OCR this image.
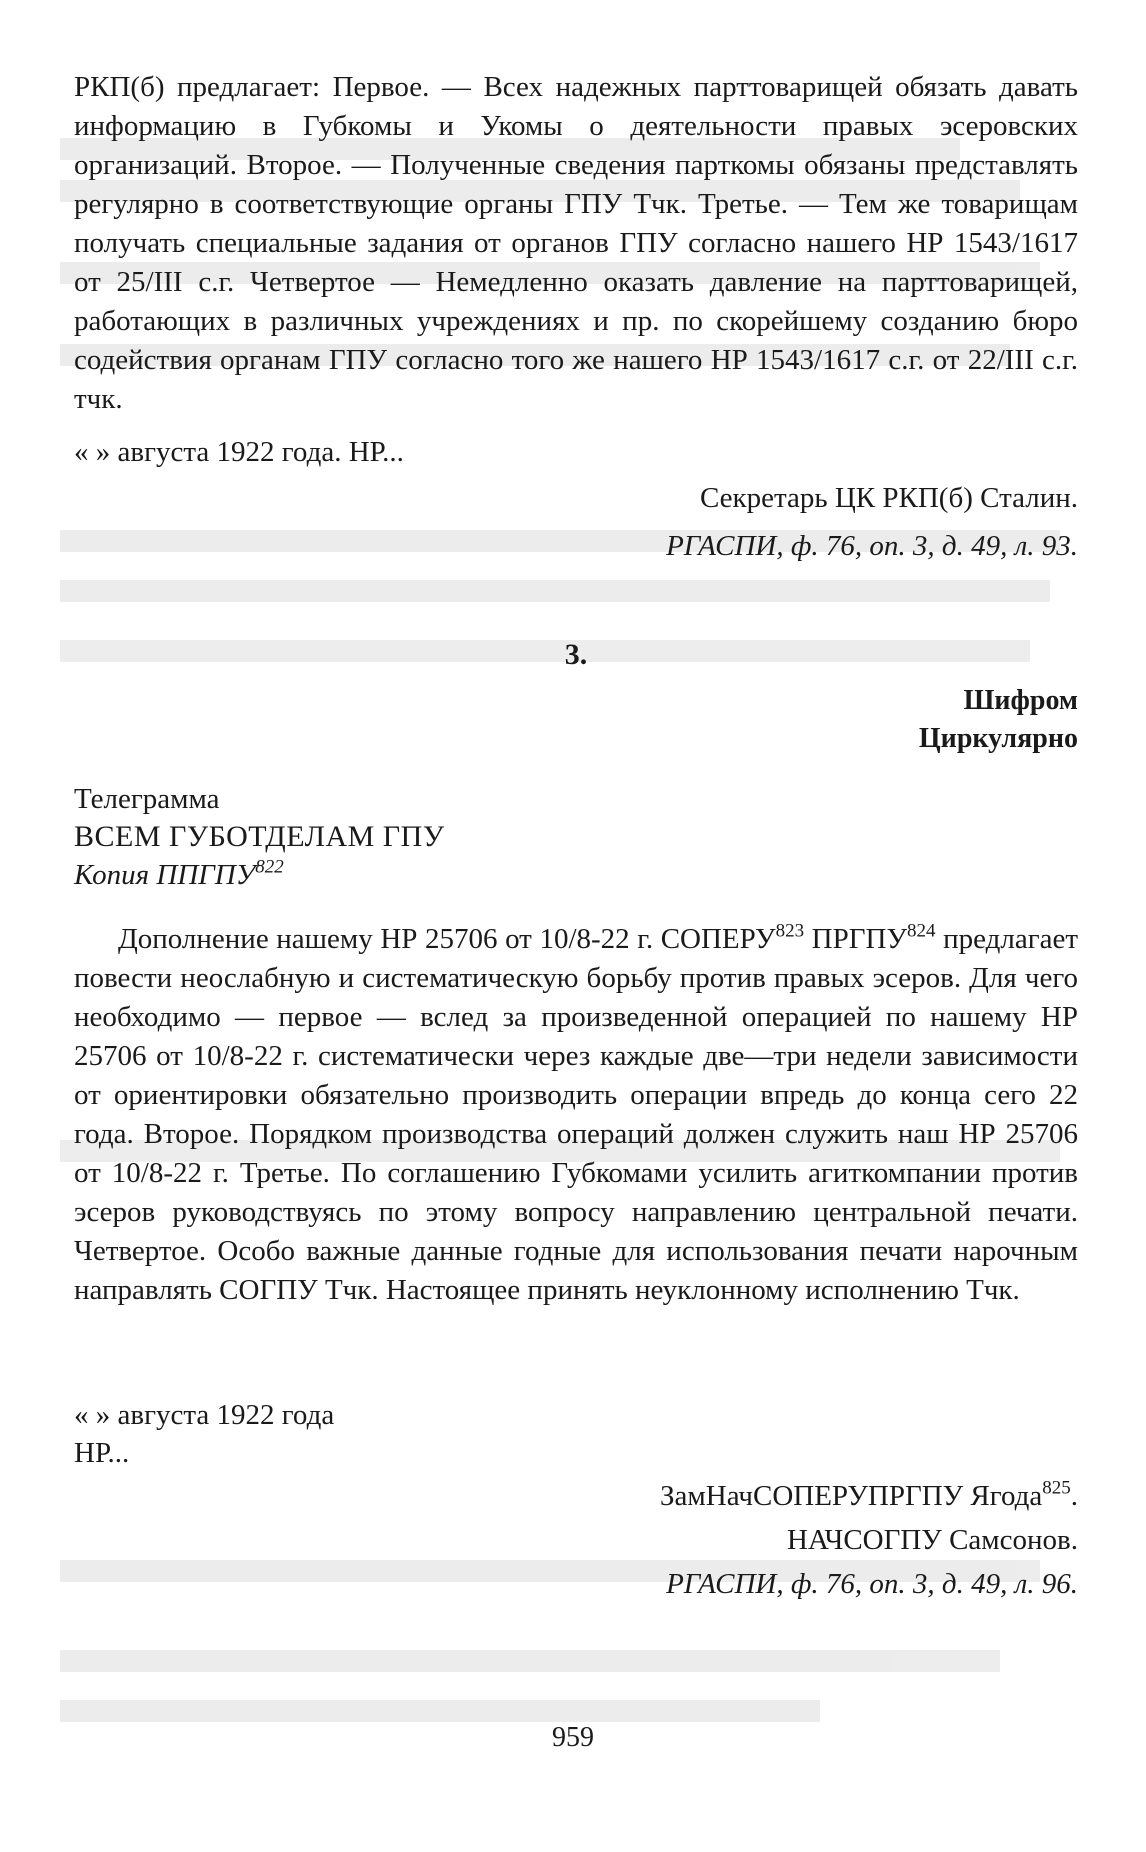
РКП(б) предлагает: Первое. — Всех надежных парттоварищей обязать давать информацию в Губкомы и Укомы о деятельности правых эсеровских организаций. Второе. — Полученные сведения парткомы обязаны представлять регулярно в соответствующие органы ГПУ Тчк. Третье. — Тем же товарищам получать специальные задания от органов ГПУ согласно нашего НР 1543/1617 от 25/III с.г. Четвертое — Немедленно оказать давление на парттоварищей, работающих в различных учреждениях и пр. по скорейшему созданию бюро содействия органам ГПУ согласно того же нашего НР 1543/1617 с.г. от 22/III с.г. тчк.

« » августа 1922 года. НР...

Секретарь ЦК РКП(б) Сталин.

РГАСПИ, ф. 76, оп. 3, д. 49, л. 93.

3.

Шифром

Циркулярно

Телеграмма

ВСЕМ ГУБОТДЕЛАМ ГПУ

Копия ППГПУ$^{822}$

Дополнение нашему НР 25706 от 10/8-22 г. СОПЕРУ$^{823}$ ПРГПУ$^{824}$ предлагает повести неослабную и систематическую борьбу против правых эсеров. Для чего необходимо — первое — вслед за произведенной операцией по нашему НР 25706 от 10/8-22 г. систематически через каждые две—три недели зависимости от ориентировки обязательно производить операции впредь до конца сего 22 года. Второе. Порядком производства операций должен служить наш НР 25706 от 10/8-22 г. Третье. По соглашению Губкомами усилить агиткомпании против эсеров руководствуясь по этому вопросу направлению центральной печати. Четвертое. Особо важные данные годные для использования печати нарочным направлять СОГПУ Тчк. Настоящее принять неуклонному исполнению Тчк.

« » августа 1922 года

НР...

ЗамНачСОПЕРУПРГПУ Ягода$^{825}$.

НАЧСОГПУ Самсонов.

РГАСПИ, ф. 76, оп. 3, д. 49, л. 96.

959
